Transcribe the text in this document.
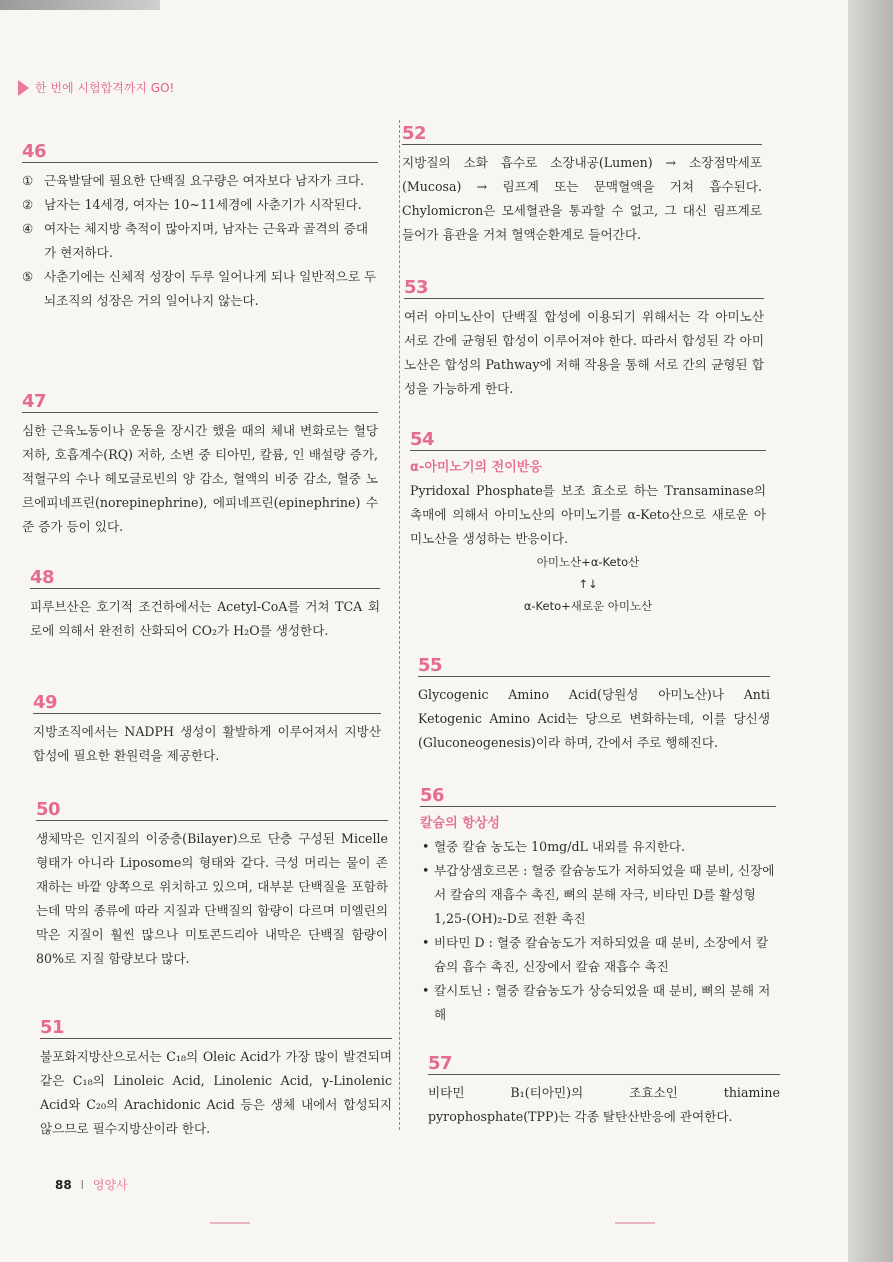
한 번에 시험합격까지 GO!
46
① 근육발달에 필요한 단백질 요구량은 여자보다 남자가 크다.
② 남자는 14세경, 여자는 10~11세경에 사춘기가 시작된다.
④ 여자는 체지방 축적이 많아지며, 남자는 근육과 골격의 증대가 현저하다.
⑤ 사춘기에는 신체적 성장이 두루 일어나게 되나 일반적으로 두뇌조직의 성장은 거의 일어나지 않는다.
47

심한 근육노동이나 운동을 장시간 했을 때의 체내 변화로는 혈당 저하, 호흡계수(RQ) 저하, 소변 중 티아민, 칼륨, 인 배설량 증가, 적혈구의 수나 헤모글로빈의 양 감소, 혈액의 비중 감소, 혈중 노르에피네프린(norepinephrine), 에피네프린(epinephrine) 수준 증가 등이 있다.

48

피루브산은 호기적 조건하에서는 Acetyl-CoA를 거쳐 TCA 회로에 의해서 완전히 산화되어 CO₂가 H₂O를 생성한다.

49

지방조직에서는 NADPH 생성이 활발하게 이루어져서 지방산 합성에 필요한 환원력을 제공한다.

50

생체막은 인지질의 이중층(Bilayer)으로 단층 구성된 Micelle 형태가 아니라 Liposome의 형태와 같다. 극성 머리는 물이 존재하는 바깥 양쪽으로 위치하고 있으며, 대부분 단백질을 포함하는데 막의 종류에 따라 지질과 단백질의 함량이 다르며 미엘린의 막은 지질이 훨씬 많으나 미토콘드리아 내막은 단백질 함량이 80%로 지질 함량보다 많다.

51

불포화지방산으로서는 C₁₈의 Oleic Acid가 가장 많이 발견되며 같은 C₁₈의 Linoleic Acid, Linolenic Acid, γ-Linolenic Acid와 C₂₀의 Arachidonic Acid 등은 생체 내에서 합성되지 않으므로 필수지방산이라 한다.

52

지방질의 소화 흡수로 소장내공(Lumen) → 소장점막세포(Mucosa) → 림프계 또는 문맥혈액을 거쳐 흡수된다. Chylomicron은 모세혈관을 통과할 수 없고, 그 대신 림프계로 들어가 흉관을 거쳐 혈액순환계로 들어간다.

53

여러 아미노산이 단백질 합성에 이용되기 위해서는 각 아미노산 서로 간에 균형된 합성이 이루어져야 한다. 따라서 합성된 각 아미노산은 합성의 Pathway에 저해 작용을 통해 서로 간의 균형된 합성을 가능하게 한다.

54
α-아미노기의 전이반응

Pyridoxal Phosphate를 보조 효소로 하는 Transaminase의 촉매에 의해서 아미노산의 아미노기를 α-Keto산으로 새로운 아미노산을 생성하는 반응이다.

아미노산+α-Keto산
↑↓
α-Keto+새로운 아미노산
55

Glycogenic Amino Acid(당원성 아미노산)나 Anti Ketogenic Amino Acid는 당으로 변화하는데, 이를 당신생(Gluconeogenesis)이라 하며, 간에서 주로 행해진다.

56
칼슘의 항상성
• 혈중 칼슘 농도는 10mg/dL 내외를 유지한다.
• 부갑상샘호르몬 : 혈중 칼슘농도가 저하되었을 때 분비, 신장에서 칼슘의 재흡수 촉진, 뼈의 분해 자극, 비타민 D를 활성형 1,25-(OH)₂-D로 전환 촉진
• 비타민 D : 혈중 칼슘농도가 저하되었을 때 분비, 소장에서 칼슘의 흡수 촉진, 신장에서 칼슘 재흡수 촉진
• 칼시토닌 : 혈중 칼슘농도가 상승되었을 때 분비, 뼈의 분해 저해
57

비타민 B₁(티아민)의 조효소인 thiamine pyrophosphate(TPP)는 각종 탈탄산반응에 관여한다.

88 I 영양사
